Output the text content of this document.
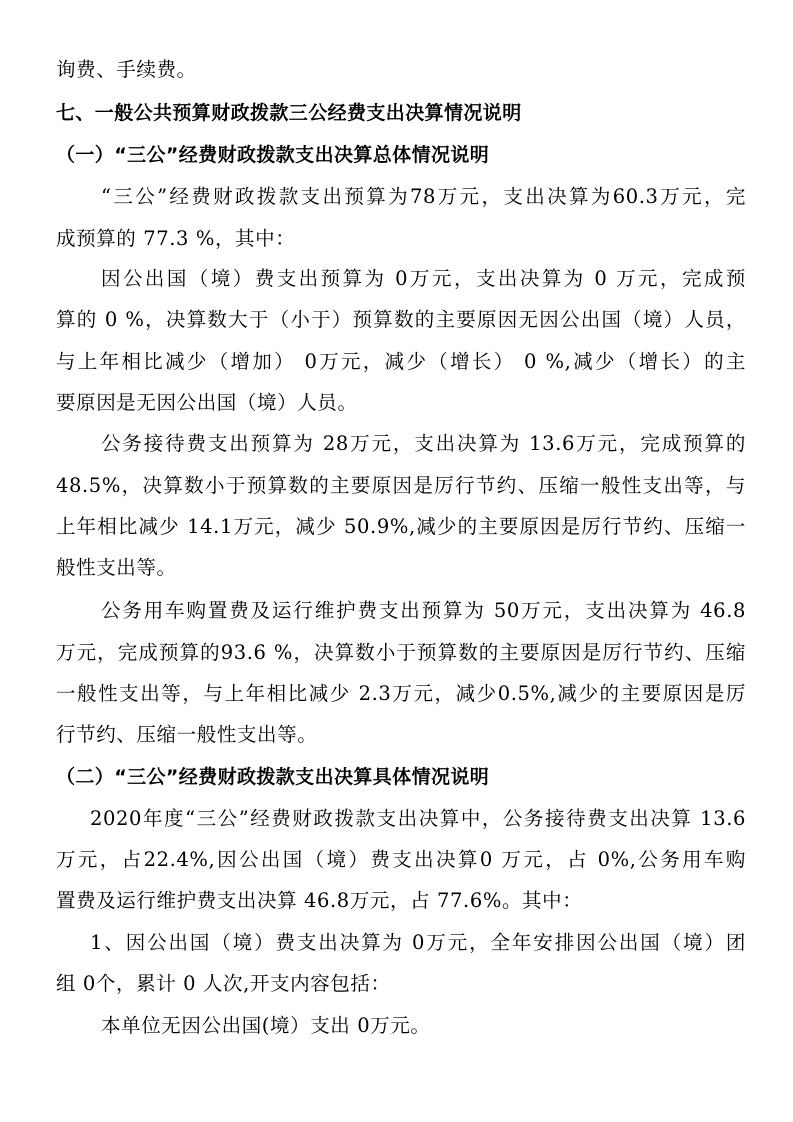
询费、手续费。
七、一般公共预算财政拨款三公经费支出决算情况说明
（一）“三公”经费财政拨款支出决算总体情况说明
“三公”经费财政拨款支出预算为78万元，支出决算为60.3万元，完
成预算的 77.3 %，其中：
因公出国（境）费支出预算为 0万元，支出决算为 0 万元，完成预
算的 0 %，决算数大于（小于）预算数的主要原因无因公出国（境）人员，
与上年相比减少（增加） 0万元，减少（增长） 0 %,减少（增长）的主
要原因是无因公出国（境）人员。
公务接待费支出预算为 28万元，支出决算为 13.6万元，完成预算的
48.5%，决算数小于预算数的主要原因是厉行节约、压缩一般性支出等，与
上年相比减少 14.1万元，减少 50.9%,减少的主要原因是厉行节约、压缩一
般性支出等。
公务用车购置费及运行维护费支出预算为 50万元，支出决算为 46.8
万元，完成预算的93.6 %，决算数小于预算数的主要原因是厉行节约、压缩
一般性支出等，与上年相比减少 2.3万元，减少0.5%,减少的主要原因是厉
行节约、压缩一般性支出等。
（二）“三公”经费财政拨款支出决算具体情况说明
2020年度“三公”经费财政拨款支出决算中，公务接待费支出决算 13.6
万元，占22.4%,因公出国（境）费支出决算0 万元，占 0%,公务用车购
置费及运行维护费支出决算 46.8万元，占 77.6%。其中：
1、因公出国（境）费支出决算为 0万元，全年安排因公出国（境）团
组 0个，累计 0 人次,开支内容包括：
本单位无因公出国(境）支出 0万元。
